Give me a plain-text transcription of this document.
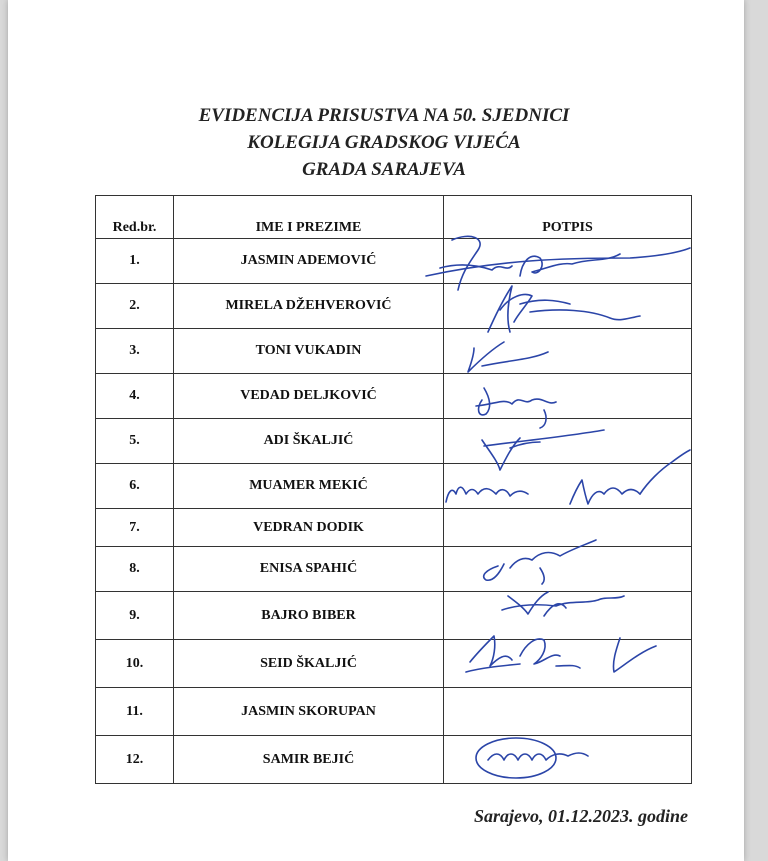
EVIDENCIJA PRISUSTVA NA 50. SJEDNICI
KOLEGIJA GRADSKOG VIJEĆA
GRADA SARAJEVA
Red.br.	IME I PREZIME	POTPIS
1.	JASMIN ADEMOVIĆ	
2.	MIRELA DŽEHVEROVIĆ	
3.	TONI VUKADIN	
4.	VEDAD DELJKOVIĆ	
5.	ADI ŠKALJIĆ	
6.	MUAMER MEKIĆ	
7.	VEDRAN DODIK	
8.	ENISA SPAHIĆ	
9.	BAJRO BIBER	
10.	SEID ŠKALJIĆ	
11.	JASMIN SKORUPAN	
12.	SAMIR BEJIĆ	
Sarajevo, 01.12.2023. godine
